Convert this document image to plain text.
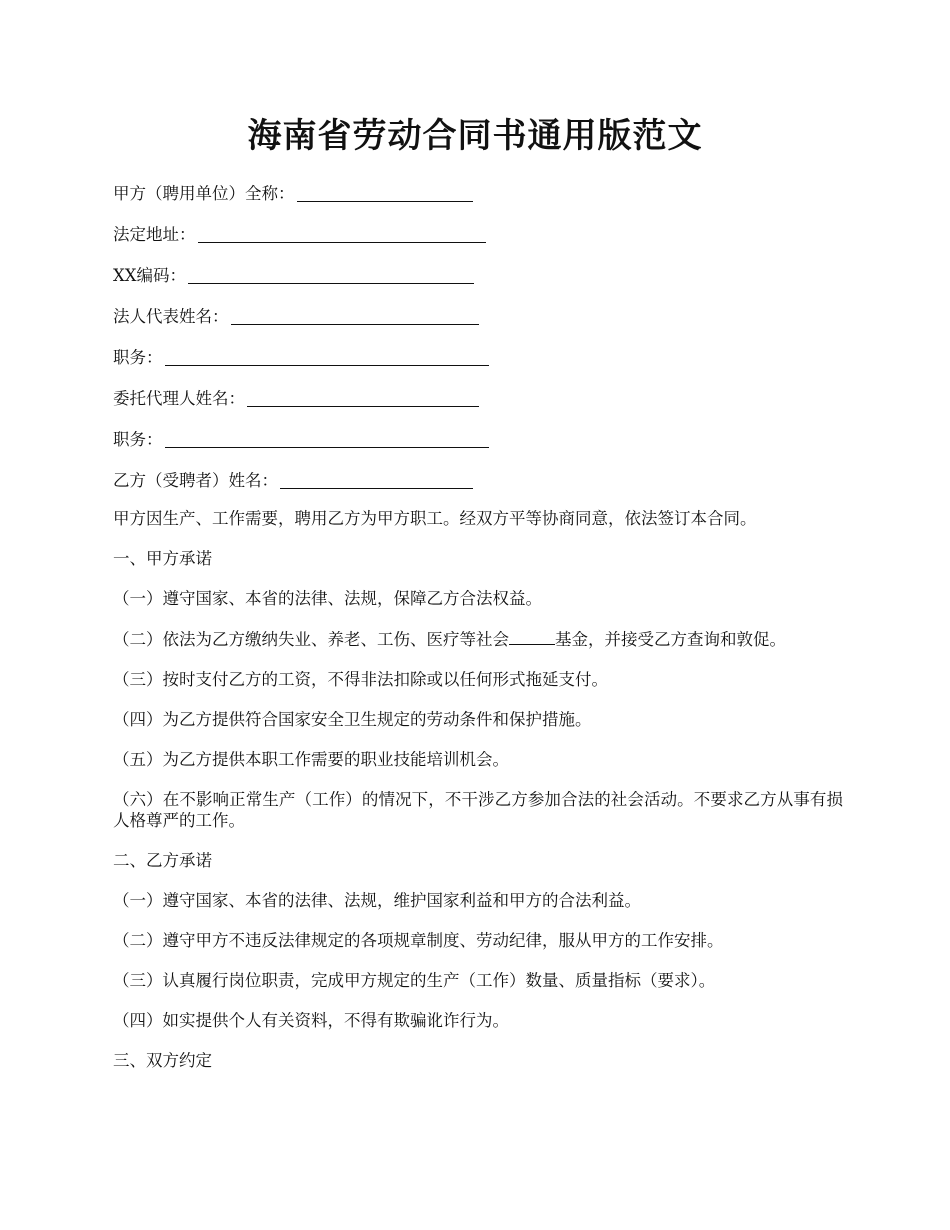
海南省劳动合同书通用版范文
甲方（聘用单位）全称：
法定地址：
XX编码：
法人代表姓名：
职务：
委托代理人姓名：
职务：
乙方（受聘者）姓名：

甲方因生产、工作需要，聘用乙方为甲方职工。经双方平等协商同意，依法签订本合同。

一、甲方承诺

（一）遵守国家、本省的法律、法规，保障乙方合法权益。

（二）依法为乙方缴纳失业、养老、工伤、医疗等社会	基金，并接受乙方查询和敦促。

（三）按时支付乙方的工资，不得非法扣除或以任何形式拖延支付。

（四）为乙方提供符合国家安全卫生规定的劳动条件和保护措施。

（五）为乙方提供本职工作需要的职业技能培训机会。

（六）在不影响正常生产（工作）的情况下，不干涉乙方参加合法的社会活动。不要求乙方从事有损人格尊严的工作。

二、乙方承诺

（一）遵守国家、本省的法律、法规，维护国家利益和甲方的合法利益。

（二）遵守甲方不违反法律规定的各项规章制度、劳动纪律，服从甲方的工作安排。

（三）认真履行岗位职责，完成甲方规定的生产（工作）数量、质量指标（要求）。

（四）如实提供个人有关资料，不得有欺骗讹诈行为。

三、双方约定
